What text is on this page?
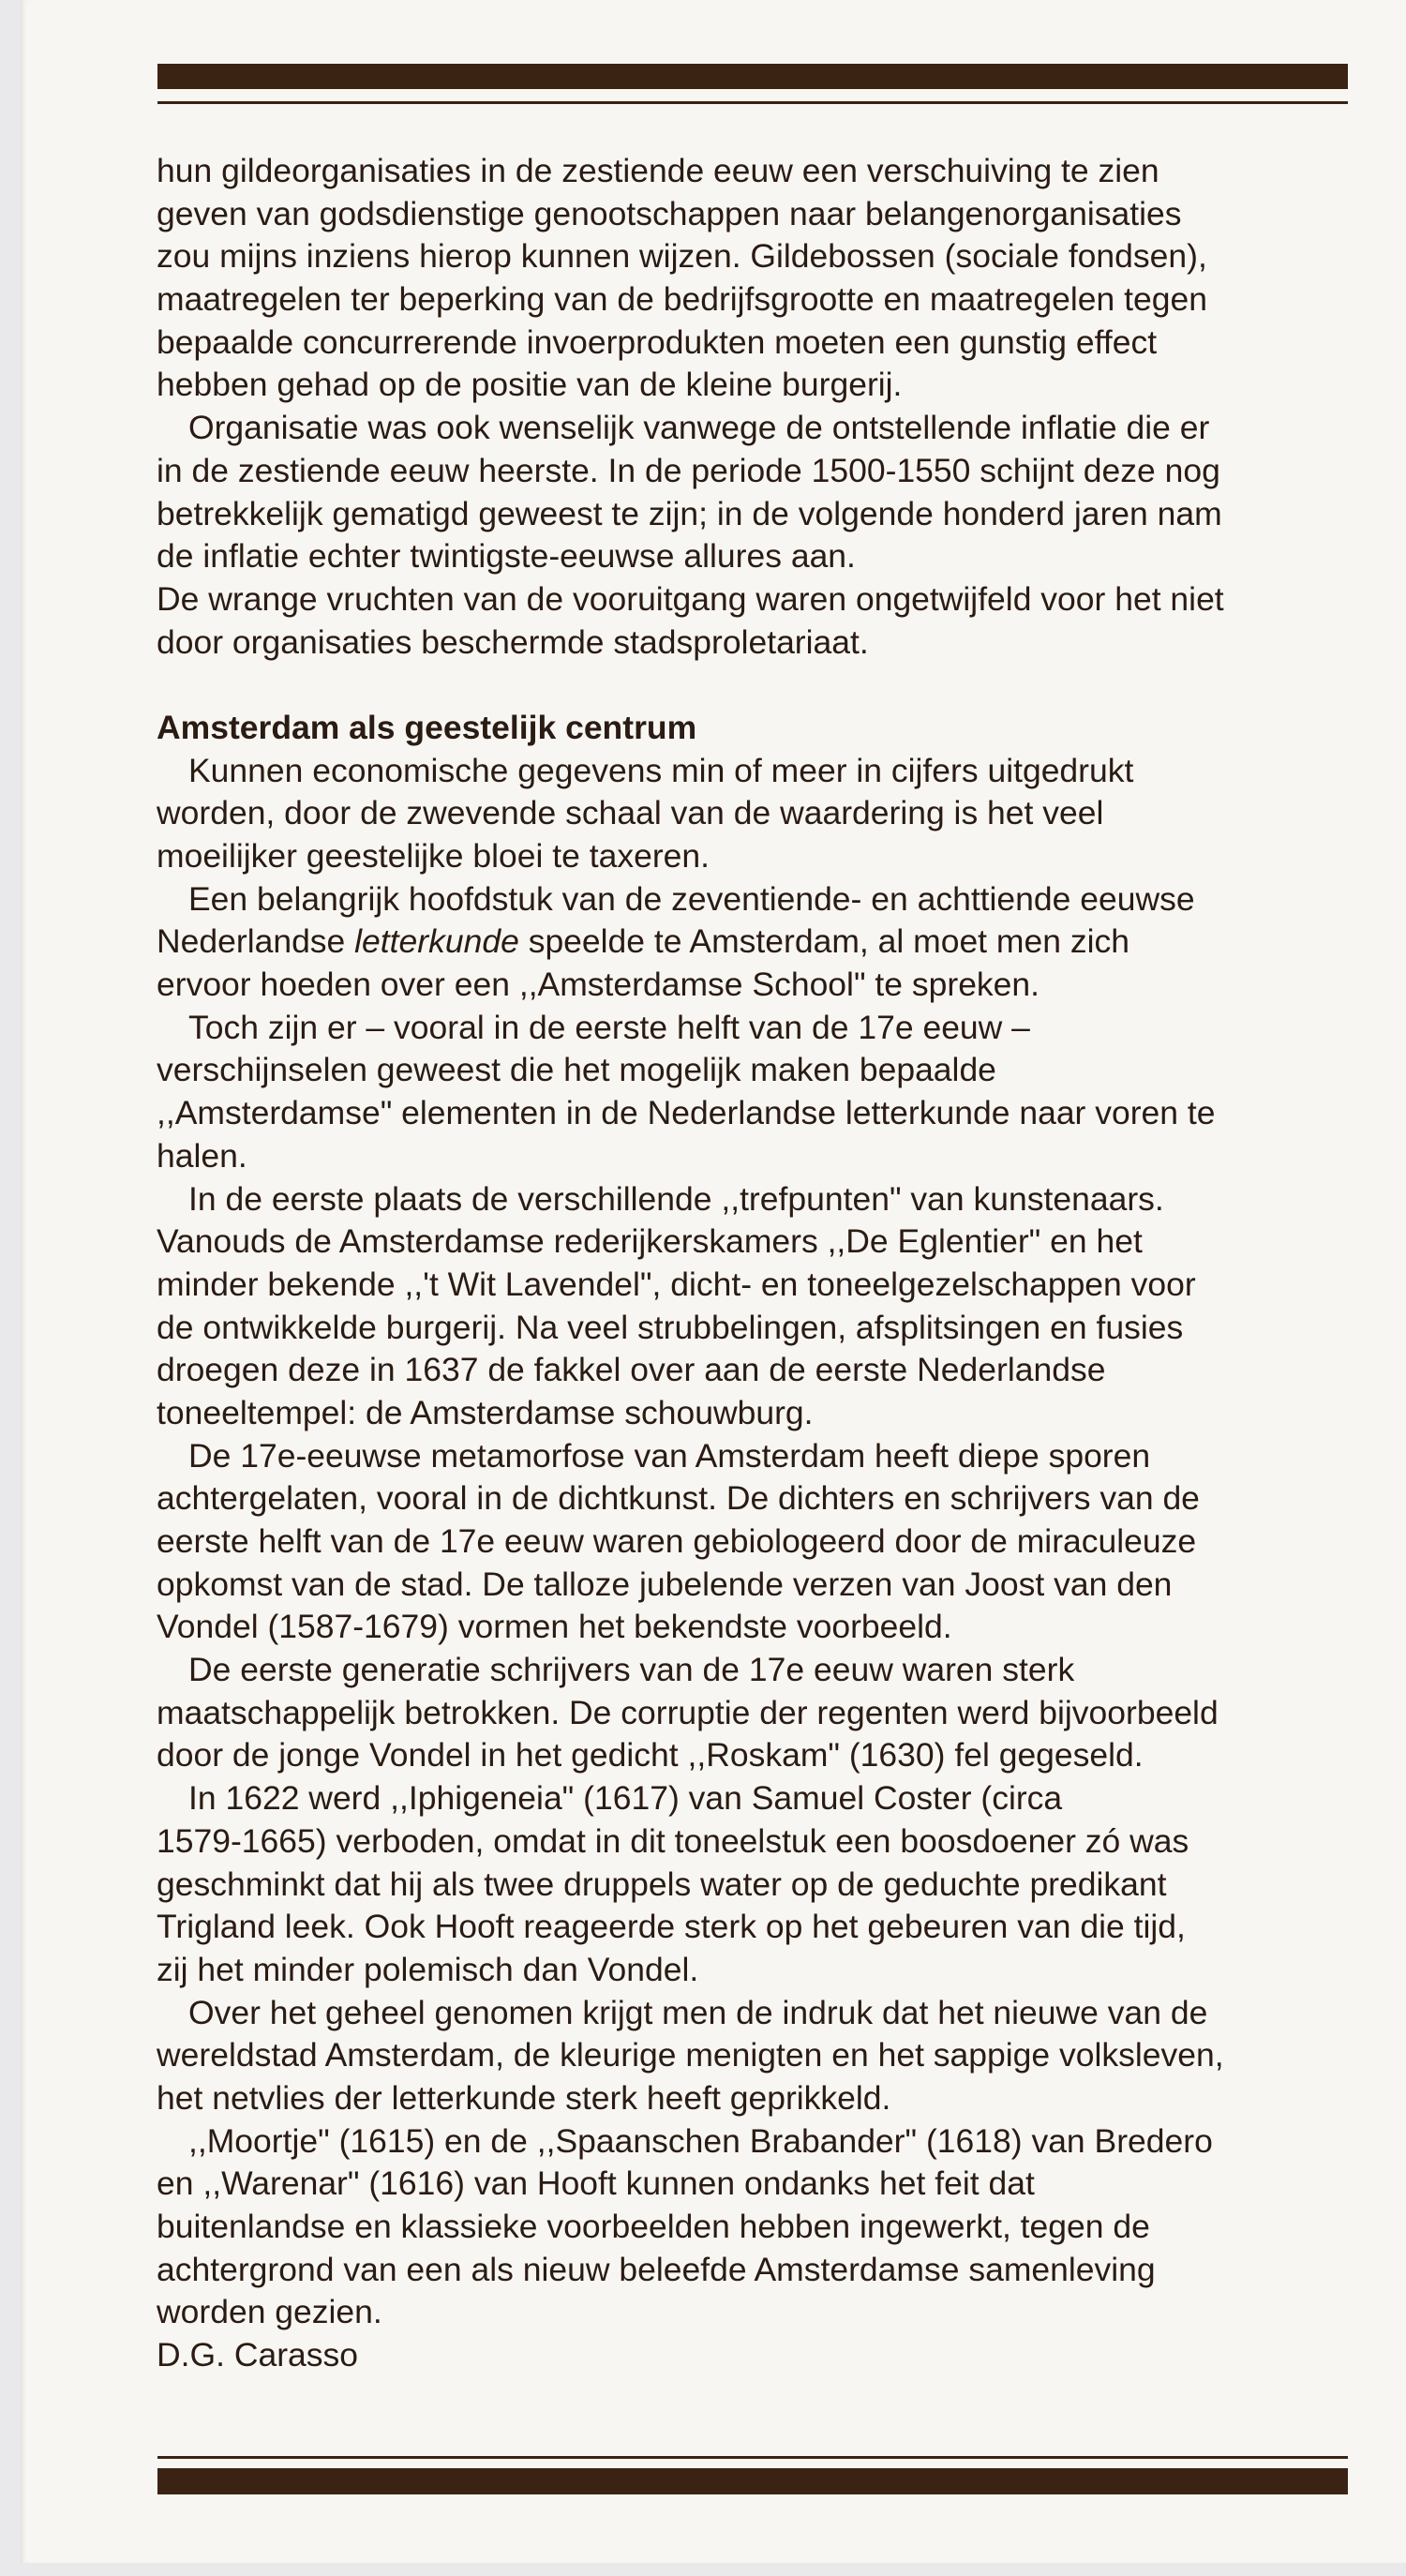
hun gildeorganisaties in de zestiende eeuw een verschuiving te zien
geven van godsdienstige genootschappen naar belangenorganisaties
zou mijns inziens hierop kunnen wijzen. Gildebossen (sociale fondsen),
maatregelen ter beperking van de bedrijfsgrootte en maatregelen tegen
bepaalde concurrerende invoerprodukten moeten een gunstig effect
hebben gehad op de positie van de kleine burgerij.
Organisatie was ook wenselijk vanwege de ontstellende inflatie die er
in de zestiende eeuw heerste. In de periode 1500-1550 schijnt deze nog
betrekkelijk gematigd geweest te zijn; in de volgende honderd jaren nam
de inflatie echter twintigste-eeuwse allures aan.
De wrange vruchten van de vooruitgang waren ongetwijfeld voor het niet
door organisaties beschermde stadsproletariaat.
Amsterdam als geestelijk centrum
Kunnen economische gegevens min of meer in cijfers uitgedrukt
worden, door de zwevende schaal van de waardering is het veel
moeilijker geestelijke bloei te taxeren.
Een belangrijk hoofdstuk van de zeventiende- en achttiende eeuwse
Nederlandse letterkunde speelde te Amsterdam, al moet men zich
ervoor hoeden over een ,,Amsterdamse School" te spreken.
Toch zijn er – vooral in de eerste helft van de 17e eeuw –
verschijnselen geweest die het mogelijk maken bepaalde
,,Amsterdamse" elementen in de Nederlandse letterkunde naar voren te
halen.
In de eerste plaats de verschillende ,,trefpunten" van kunstenaars.
Vanouds de Amsterdamse rederijkerskamers ,,De Eglentier" en het
minder bekende ,,'t Wit Lavendel", dicht- en toneelgezelschappen voor
de ontwikkelde burgerij. Na veel strubbelingen, afsplitsingen en fusies
droegen deze in 1637 de fakkel over aan de eerste Nederlandse
toneeltempel: de Amsterdamse schouwburg.
De 17e-eeuwse metamorfose van Amsterdam heeft diepe sporen
achtergelaten, vooral in de dichtkunst. De dichters en schrijvers van de
eerste helft van de 17e eeuw waren gebiologeerd door de miraculeuze
opkomst van de stad. De talloze jubelende verzen van Joost van den
Vondel (1587-1679) vormen het bekendste voorbeeld.
De eerste generatie schrijvers van de 17e eeuw waren sterk
maatschappelijk betrokken. De corruptie der regenten werd bijvoorbeeld
door de jonge Vondel in het gedicht ,,Roskam" (1630) fel gegeseld.
In 1622 werd ,,Iphigeneia" (1617) van Samuel Coster (circa
1579-1665) verboden, omdat in dit toneelstuk een boosdoener zó was
geschminkt dat hij als twee druppels water op de geduchte predikant
Trigland leek. Ook Hooft reageerde sterk op het gebeuren van die tijd,
zij het minder polemisch dan Vondel.
Over het geheel genomen krijgt men de indruk dat het nieuwe van de
wereldstad Amsterdam, de kleurige menigten en het sappige volksleven,
het netvlies der letterkunde sterk heeft geprikkeld.
,,Moortje" (1615) en de ,,Spaanschen Brabander" (1618) van Bredero
en ,,Warenar" (1616) van Hooft kunnen ondanks het feit dat
buitenlandse en klassieke voorbeelden hebben ingewerkt, tegen de
achtergrond van een als nieuw beleefde Amsterdamse samenleving
worden gezien.
D.G. Carasso
